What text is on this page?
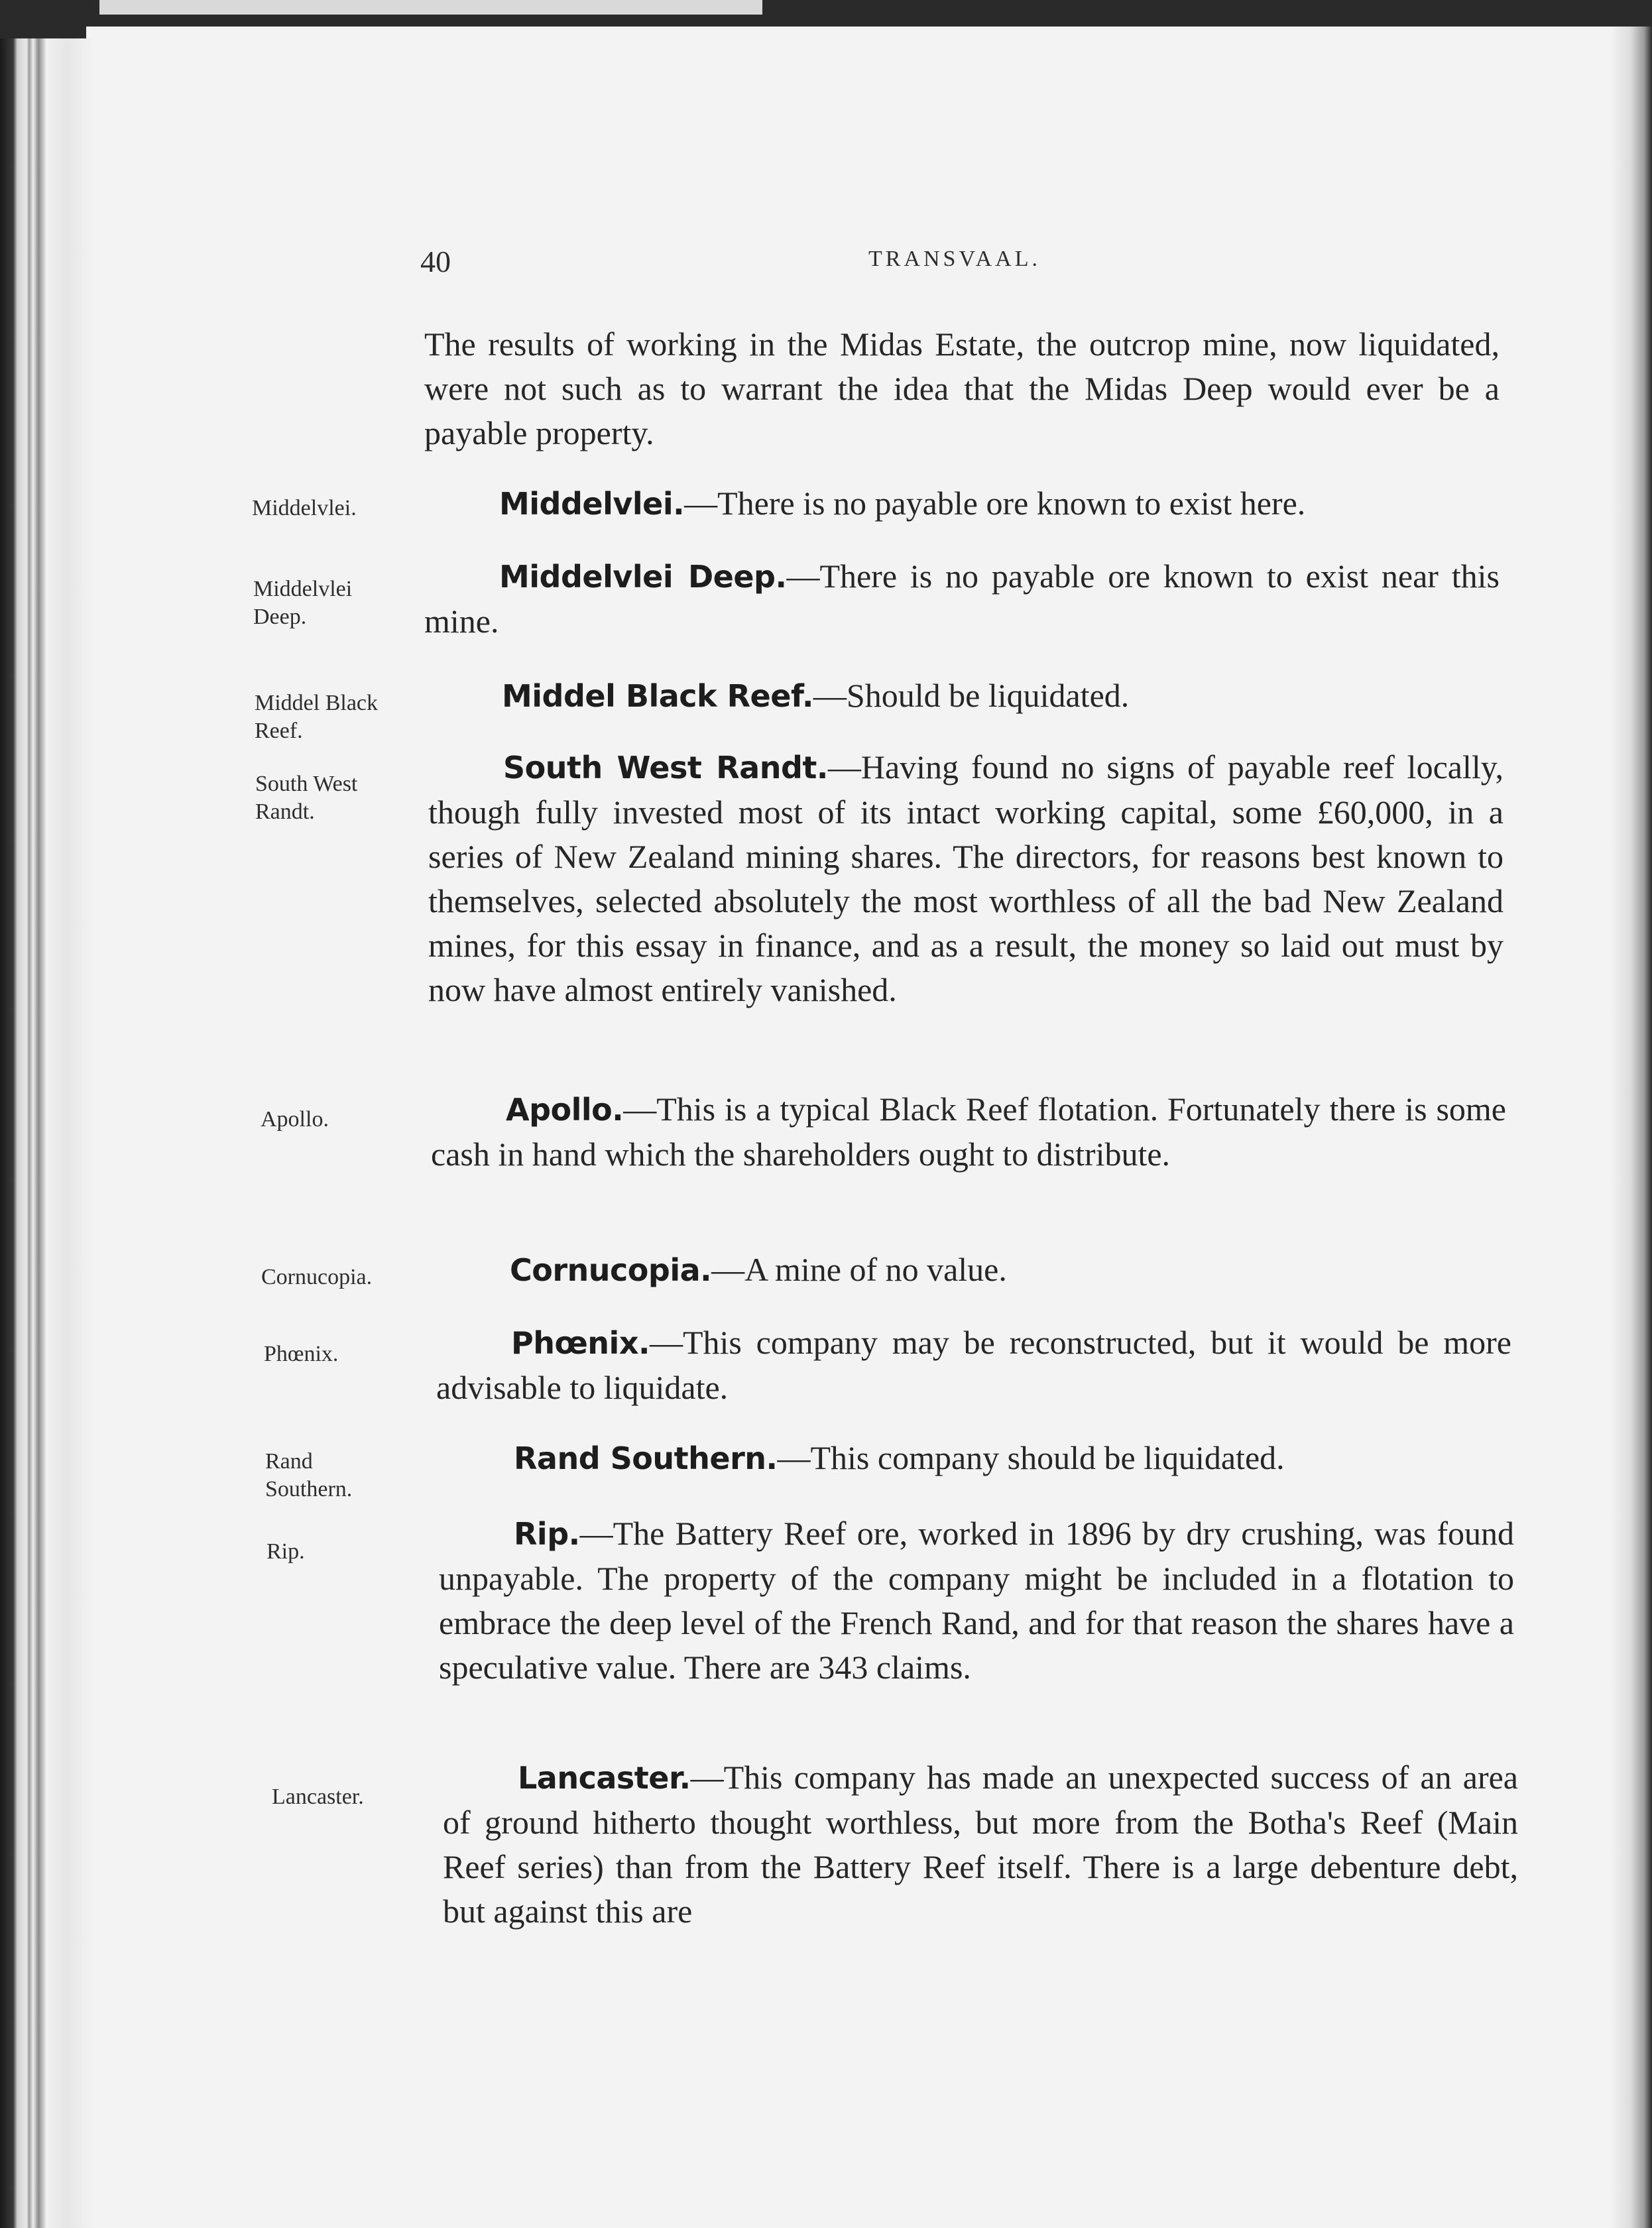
40	TRANSVAAL.

The results of working in the Midas Estate, the outcrop mine, now liquidated, were not such as to warrant the idea that the Midas Deep would ever be a payable property.

Middelvlei.
Middelvlei
Deep.
Middel Black
Reef.
South West
Randt.
Apollo.
Cornucopia.
Phœnix.
Rand
Southern.
Rip.
Lancaster.
Middelvlei.—There is no payable ore known to exist here.
Middelvlei Deep.—There is no payable ore known to exist near this mine.
Middel Black Reef.—Should be liquidated.
South West Randt.—Having found no signs of payable reef locally, though fully invested most of its intact working capital, some £60,000, in a series of New Zealand mining shares. The directors, for reasons best known to themselves, selected absolutely the most worthless of all the bad New Zealand mines, for this essay in finance, and as a result, the money so laid out must by now have almost entirely vanished.
Apollo.—This is a typical Black Reef flotation. Fortunately there is some cash in hand which the shareholders ought to distribute.
Cornucopia.—A mine of no value.
Phœnix.—This company may be reconstructed, but it would be more advisable to liquidate.
Rand Southern.—This company should be liquidated.
Rip.—The Battery Reef ore, worked in 1896 by dry crushing, was found unpayable. The property of the company might be included in a flotation to embrace the deep level of the French Rand, and for that reason the shares have a speculative value. There are 343 claims.
Lancaster.—This company has made an unexpected success of an area of ground hitherto thought worthless, but more from the Botha's Reef (Main Reef series) than from the Battery Reef itself. There is a large debenture debt, but against this are
